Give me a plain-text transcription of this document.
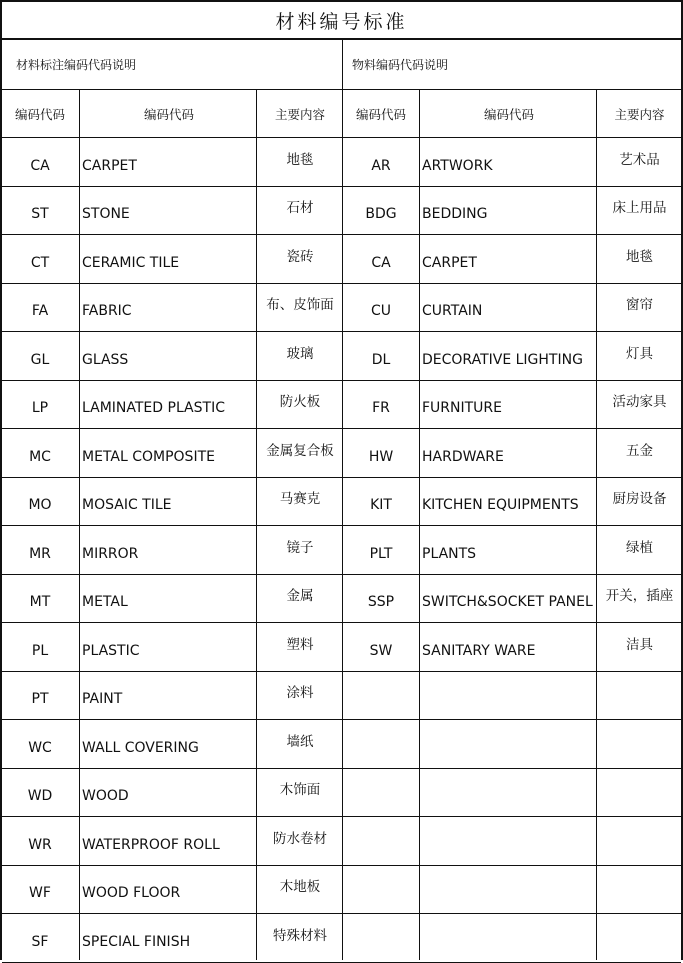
材料编号标准
材料标注编码代码说明	物料编码代码说明
编码代码	编码代码	主要内容	编码代码	编码代码	主要内容
CA	CARPET	地毯	AR	ARTWORK	艺术品
ST	STONE	石材	BDG	BEDDING	床上用品
CT	CERAMIC TILE	瓷砖	CA	CARPET	地毯
FA	FABRIC	布、皮饰面	CU	CURTAIN	窗帘
GL	GLASS	玻璃	DL	DECORATIVE LIGHTING	灯具
LP	LAMINATED PLASTIC	防火板	FR	FURNITURE	活动家具
MC	METAL COMPOSITE	金属复合板	HW	HARDWARE	五金
MO	MOSAIC TILE	马赛克	KIT	KITCHEN EQUIPMENTS	厨房设备
MR	MIRROR	镜子	PLT	PLANTS	绿植
MT	METAL	金属	SSP	SWITCH&SOCKET PANEL 开关，插座
PL	PLASTIC	塑料	SW	SANITARY WARE	洁具
PT	PAINT	涂料
WC	WALL COVERING	墙纸
WD	WOOD	木饰面
WR	WATERPROOF ROLL	防水卷材
WF	WOOD FLOOR	木地板
SF	SPECIAL FINISH	特殊材料
